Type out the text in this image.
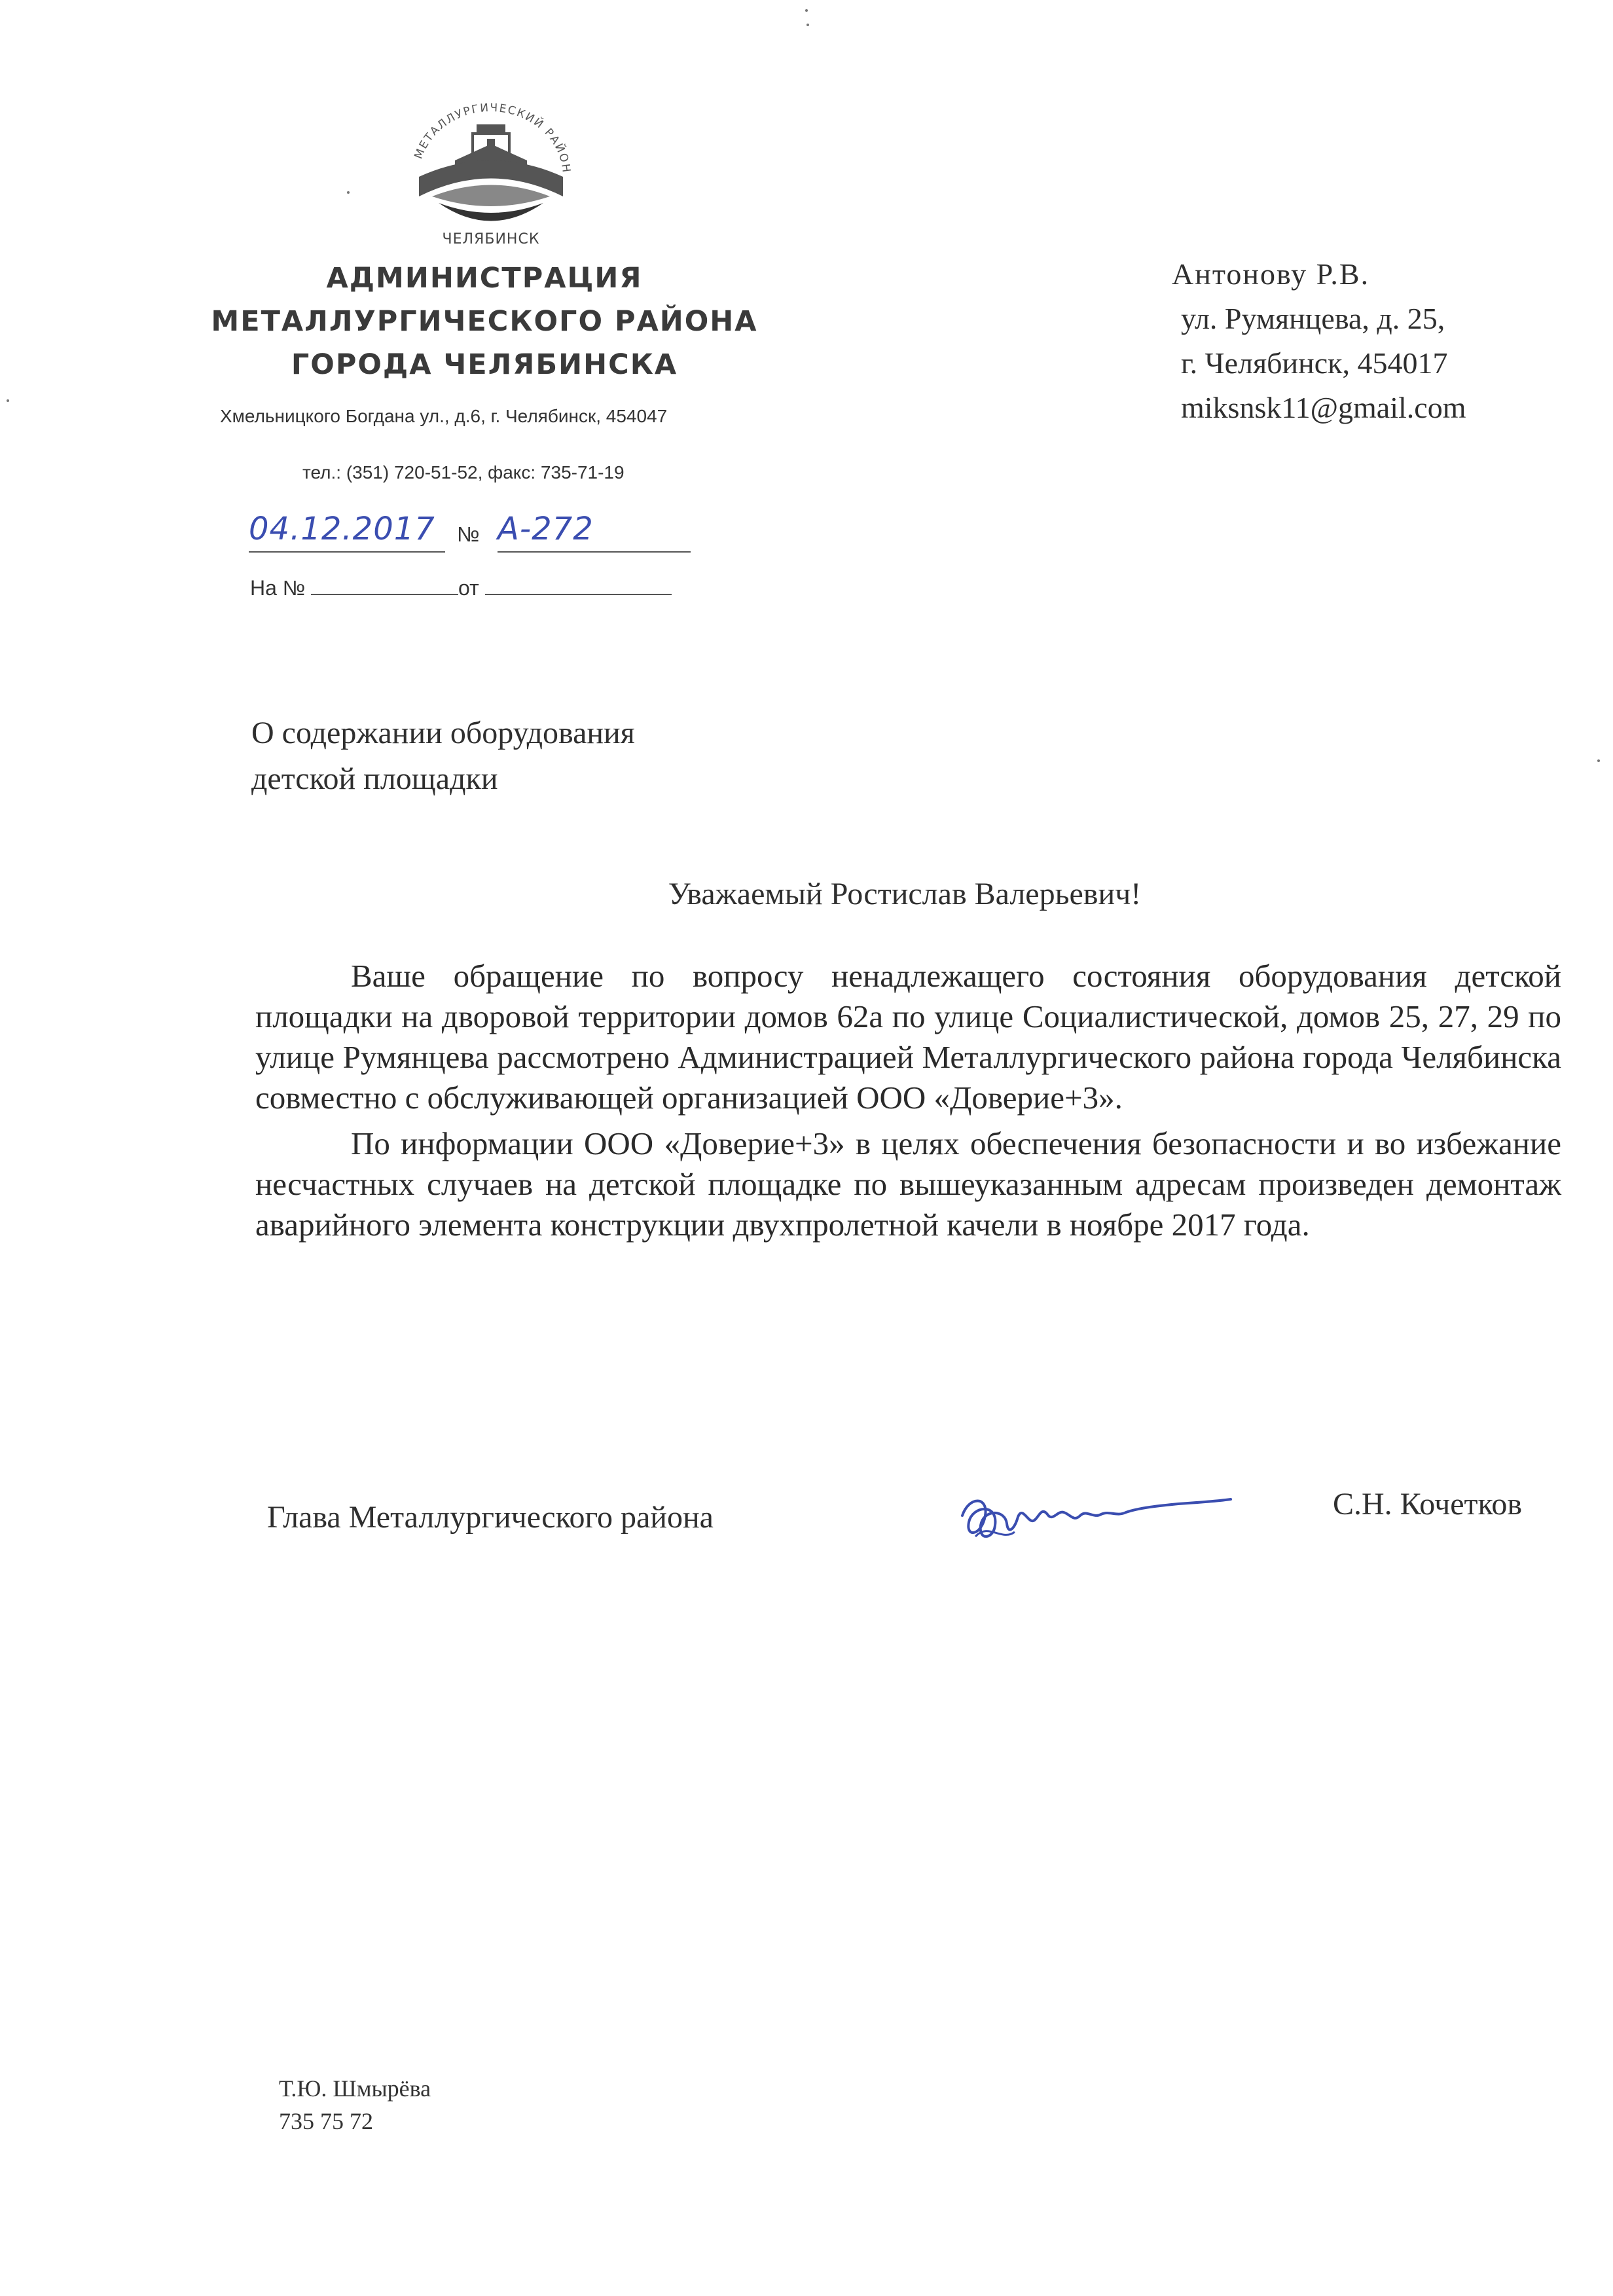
МЕТАЛЛУРГИЧЕСКИЙ РАЙОН
ЧЕЛЯБИНСК
АДМИНИСТРАЦИЯ
МЕТАЛЛУРГИЧЕСКОГО РАЙОНА
ГОРОДА ЧЕЛЯБИНСКА
Хмельницкого Богдана ул., д.6, г. Челябинск, 454047
тел.: (351) 720-51-52, факс: 735-71-19
04.12.2017 № А-272
На №	от
Антонову Р.В.
ул. Румянцева, д. 25,
г. Челябинск, 454017
miksnsk11@gmail.com
О содержании оборудования
детской площадки
Уважаемый Ростислав Валерьевич!

Ваше обращение по вопросу ненадлежащего состояния оборудования детской площадки на дворовой территории домов 62а по улице Социалистической, домов 25, 27, 29 по улице Румянцева рассмотрено Администрацией Металлургического района города Челябинска совместно с обслуживающей организацией ООО «Доверие+3».

По информации ООО «Доверие+3» в целях обеспечения безопасности и во избежание несчастных случаев на детской площадке по вышеуказанным адресам произведен демонтаж аварийного элемента конструкции двухпролетной качели в ноябре 2017 года.

Глава Металлургического района	С.Н. Кочетков
Т.Ю. Шмырёва
735 75 72
